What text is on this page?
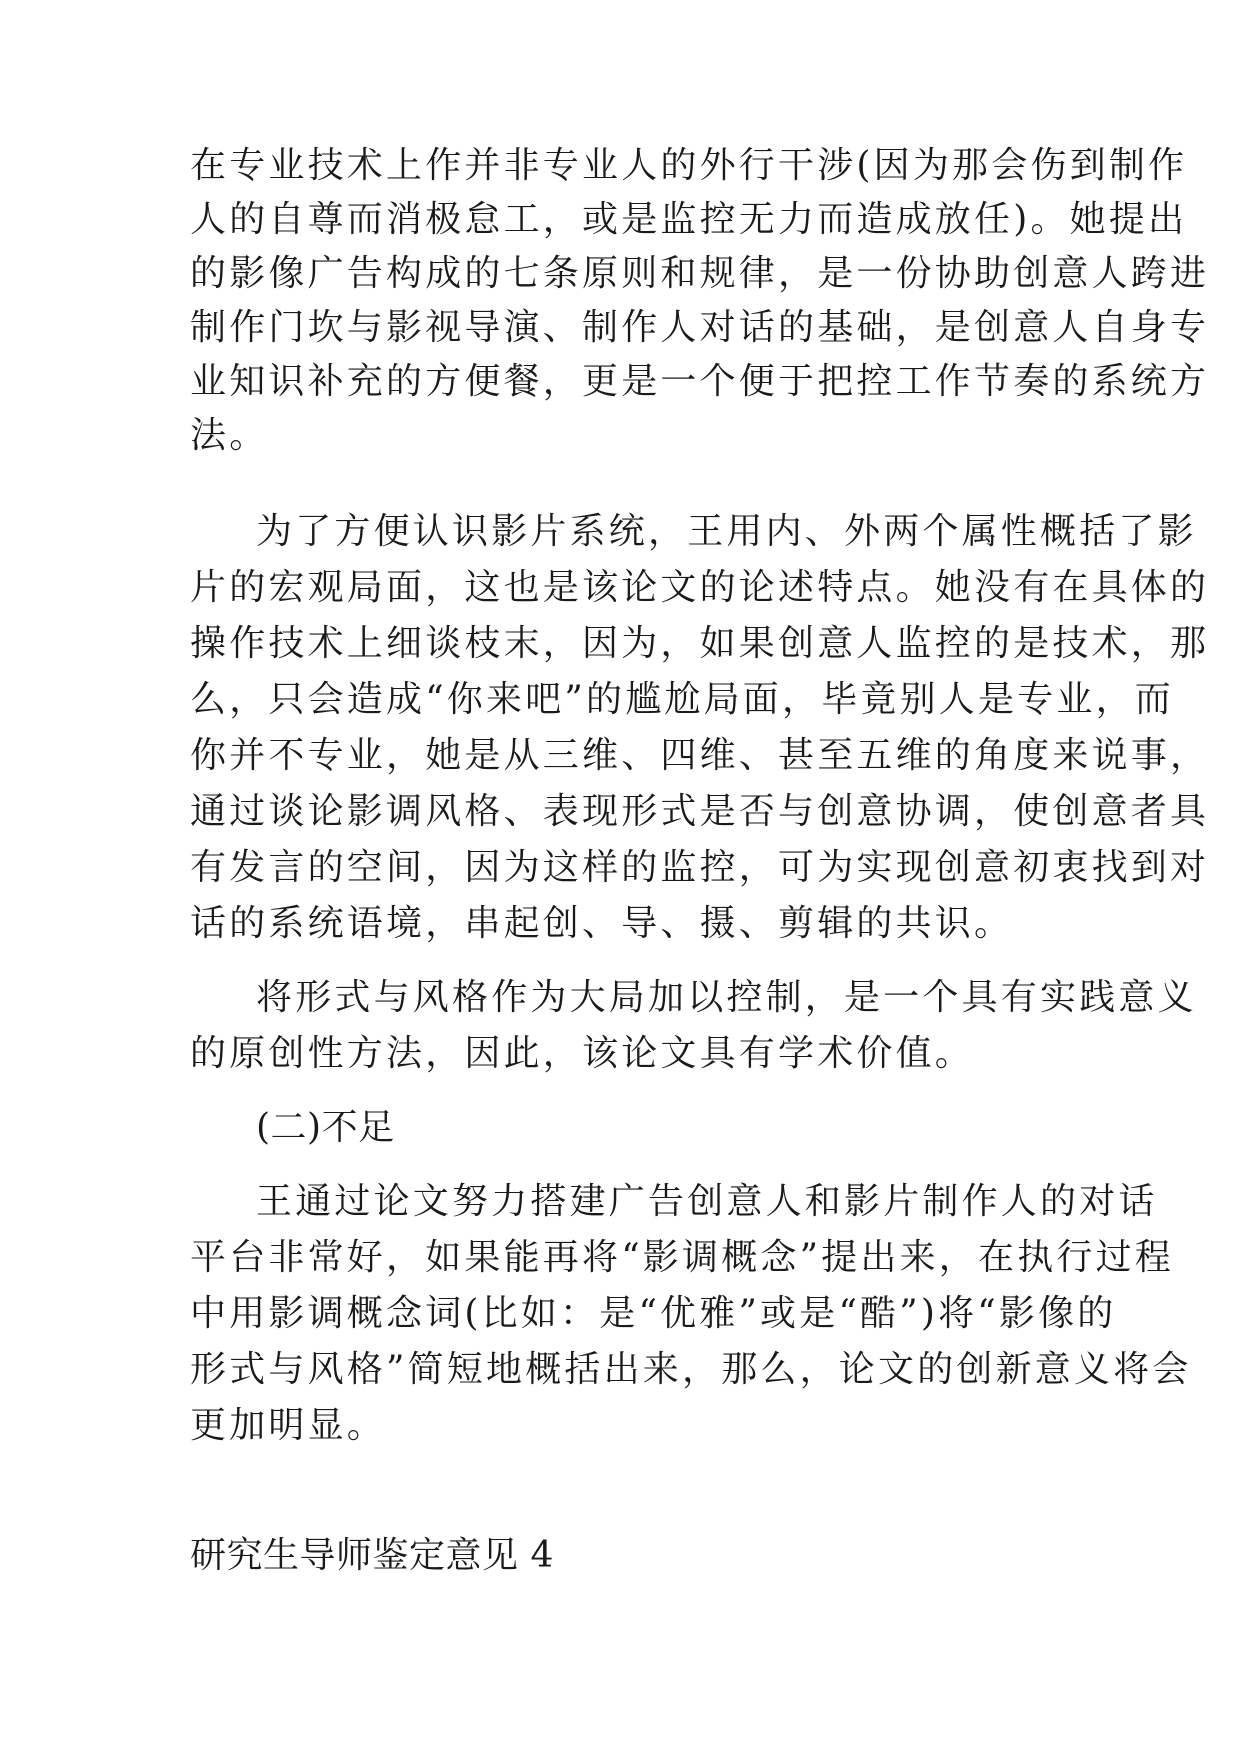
在专业技术上作并非专业人的外行干涉(因为那会伤到制作
人的自尊而消极怠工，或是监控无力而造成放任)。她提出
的影像广告构成的七条原则和规律，是一份协助创意人跨进
制作门坎与影视导演、制作人对话的基础，是创意人自身专
业知识补充的方便餐，更是一个便于把控工作节奏的系统方
法。
为了方便认识影片系统，王用内、外两个属性概括了影
片的宏观局面，这也是该论文的论述特点。她没有在具体的
操作技术上细谈枝末，因为，如果创意人监控的是技术，那
么，只会造成“你来吧”的尴尬局面，毕竟别人是专业，而
你并不专业，她是从三维、四维、甚至五维的角度来说事，
通过谈论影调风格、表现形式是否与创意协调，使创意者具
有发言的空间，因为这样的监控，可为实现创意初衷找到对
话的系统语境，串起创、导、摄、剪辑的共识。
将形式与风格作为大局加以控制，是一个具有实践意义
的原创性方法，因此，该论文具有学术价值。
(二)不足
王通过论文努力搭建广告创意人和影片制作人的对话
平台非常好，如果能再将“影调概念”提出来，在执行过程
中用影调概念词(比如：是“优雅”或是“酷”)将“影像的
形式与风格”简短地概括出来，那么，论文的创新意义将会
更加明显。
研究生导师鉴定意见 4
